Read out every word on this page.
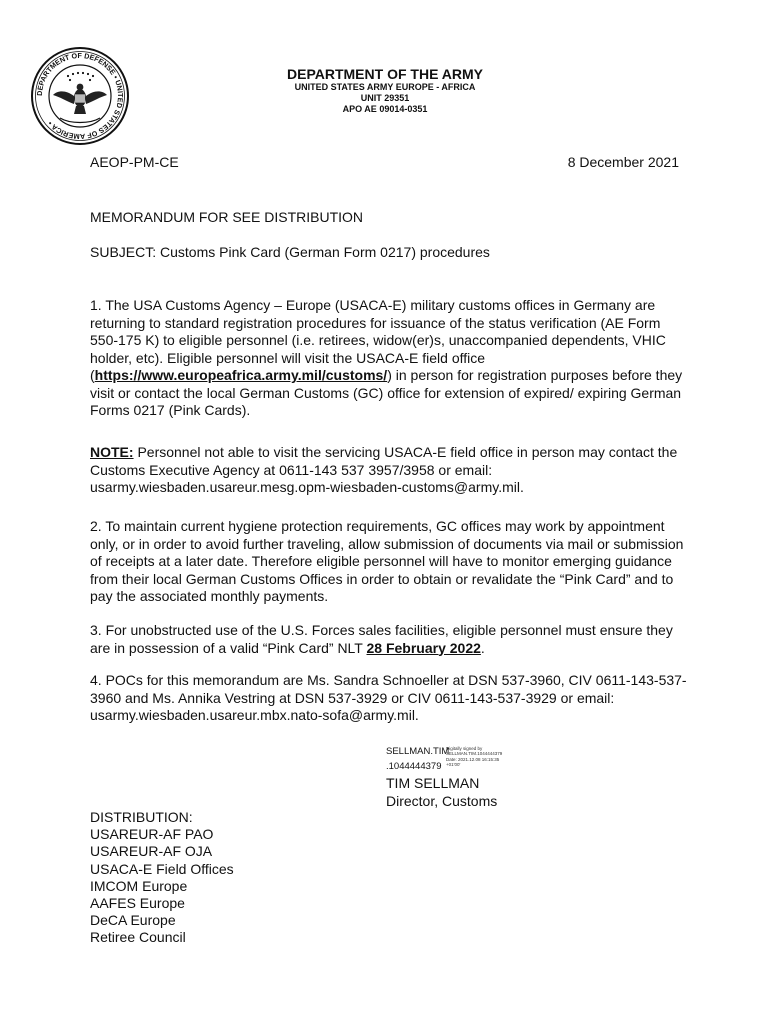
DEPARTMENT OF DEFENSE • UNITED STATES OF AMERICA •
DEPARTMENT OF THE ARMY
UNITED STATES ARMY EUROPE - AFRICA
UNIT 29351
APO AE 09014-0351
AEOP-PM-CE	8 December 2021
MEMORANDUM FOR SEE DISTRIBUTION
SUBJECT: Customs Pink Card (German Form 0217) procedures
1. The USA Customs Agency – Europe (USACA-E) military customs offices in Germany are returning to standard registration procedures for issuance of the status verification (AE Form 550-175 K) to eligible personnel (i.e. retirees, widow(er)s, unaccompanied dependents, VHIC holder, etc). Eligible personnel will visit the USACA-E field office (https://www.europeafrica.army.mil/customs/) in person for registration purposes before they visit or contact the local German Customs (GC) office for extension of expired/ expiring German Forms 0217 (Pink Cards).
NOTE: Personnel not able to visit the servicing USACA-E field office in person may contact the Customs Executive Agency at 0611-143 537 3957/3958 or email: usarmy.wiesbaden.usareur.mesg.opm-wiesbaden-customs@army.mil.
2. To maintain current hygiene protection requirements, GC offices may work by appointment only, or in order to avoid further traveling, allow submission of documents via mail or submission of receipts at a later date. Therefore eligible personnel will have to monitor emerging guidance from their local German Customs Offices in order to obtain or revalidate the “Pink Card” and to pay the associated monthly payments.
3. For unobstructed use of the U.S. Forces sales facilities, eligible personnel must ensure they are in possession of a valid “Pink Card” NLT 28 February 2022.
4. POCs for this memorandum are Ms. Sandra Schnoeller at DSN 537-3960, CIV 0611-143-537-3960 and Ms. Annika Vestring at DSN 537-3929 or CIV 0611-143-537-3929 or email: usarmy.wiesbaden.usareur.mbx.nato-sofa@army.mil.
SELLMAN.TIM
.1044444379
Digitally signed by
SELLMAN.TIM.1044444379
Date: 2021.12.08 16:15:35
+01'00'
TIM SELLMAN
Director, Customs
DISTRIBUTION:
USAREUR-AF PAO
USAREUR-AF OJA
USACA-E Field Offices
IMCOM Europe
AAFES Europe
DeCA Europe
Retiree Council
